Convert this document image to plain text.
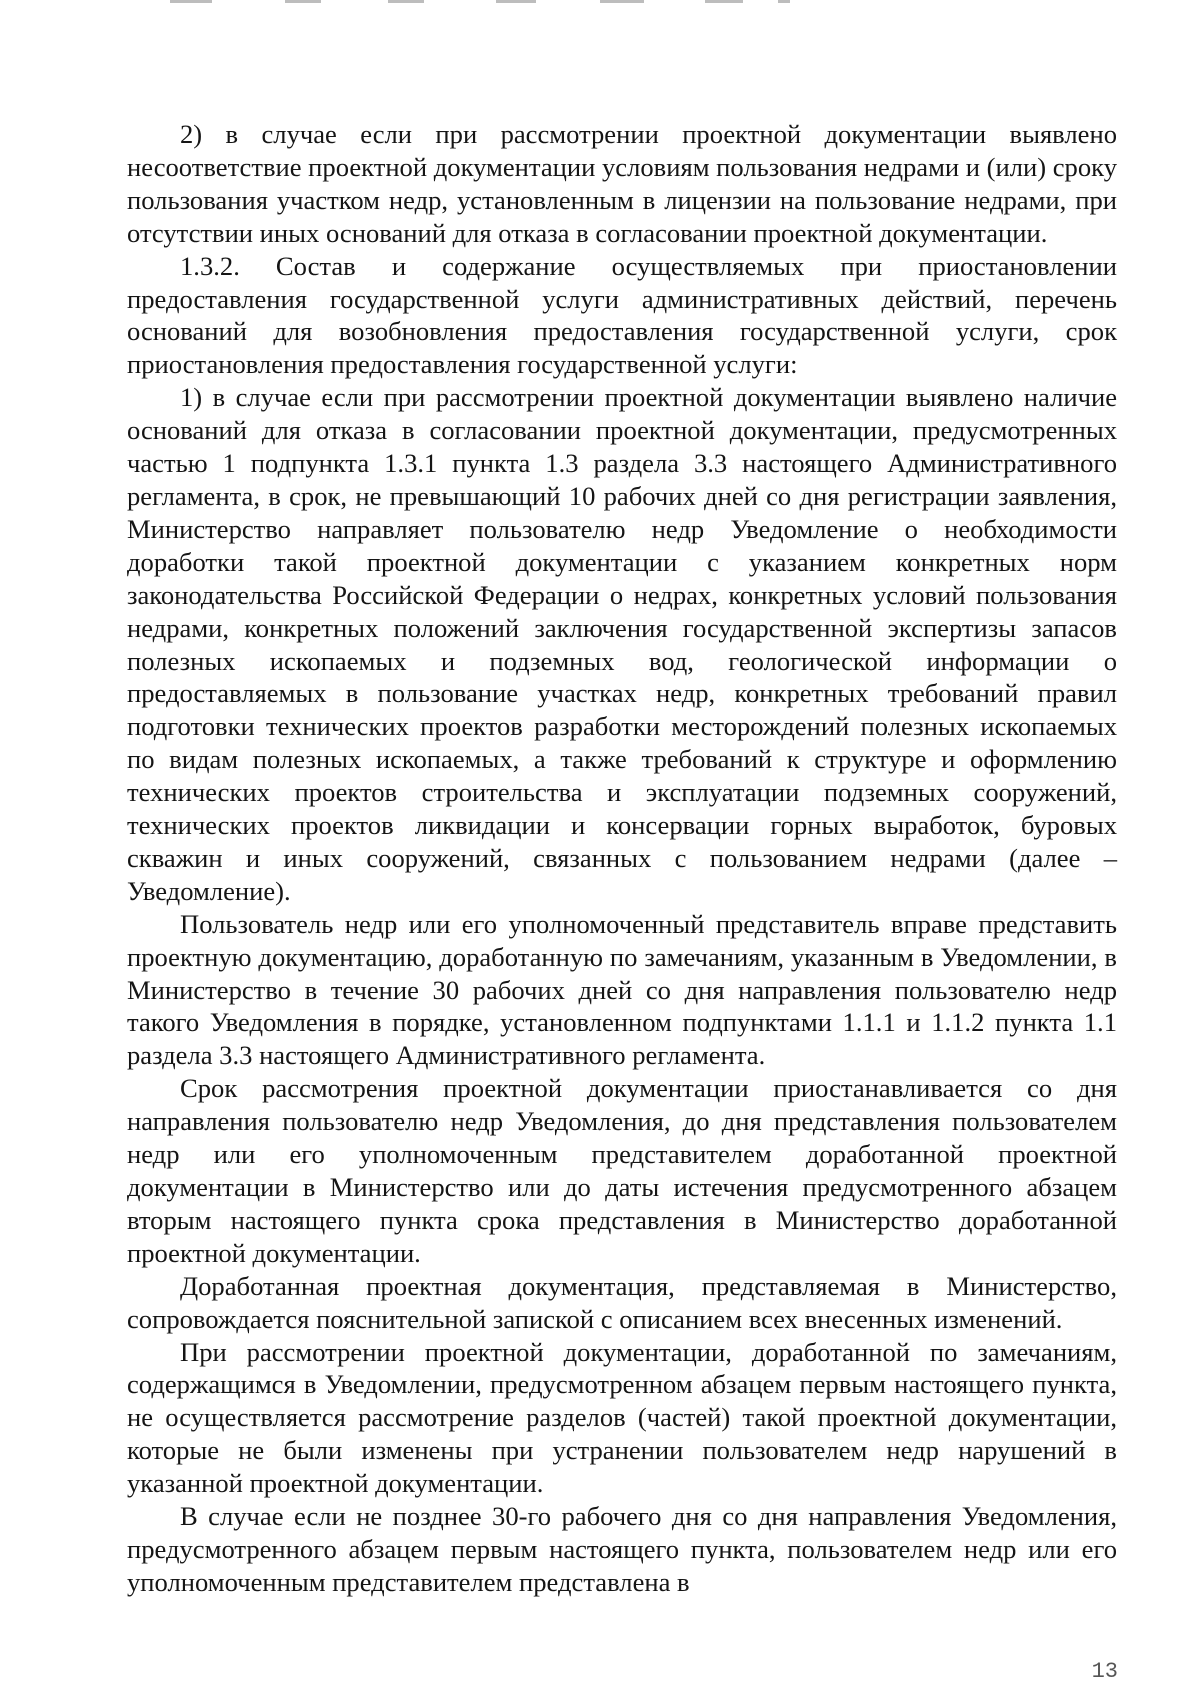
2) в случае если при рассмотрении проектной документации выявлено несоответствие проектной документации условиям пользования недрами и (или) сроку пользования участком недр, установленным в лицензии на пользование недрами, при отсутствии иных оснований для отказа в согласовании проектной документации.

1.3.2. Состав и содержание осуществляемых при приостановлении предоставления государственной услуги административных действий, перечень оснований для возобновления предоставления государственной услуги, срок приостановления предоставления государственной услуги:

1) в случае если при рассмотрении проектной документации выявлено наличие оснований для отказа в согласовании проектной документации, предусмотренных частью 1 подпункта 1.3.1 пункта 1.3 раздела 3.3 настоящего Административного регламента, в срок, не превышающий 10 рабочих дней со дня регистрации заявления, Министерство направляет пользователю недр Уведомление о необходимости доработки такой проектной документации с указанием конкретных норм законодательства Российской Федерации о недрах, конкретных условий пользования недрами, конкретных положений заключения государственной экспертизы запасов полезных ископаемых и подземных вод, геологической информации о предоставляемых в пользование участках недр, конкретных требований правил подготовки технических проектов разработки месторождений полезных ископаемых по видам полезных ископаемых, а также требований к структуре и оформлению технических проектов строительства и эксплуатации подземных сооружений, технических проектов ликвидации и консервации горных выработок, буровых скважин и иных сооружений, связанных с пользованием недрами (далее – Уведомление).

Пользователь недр или его уполномоченный представитель вправе представить проектную документацию, доработанную по замечаниям, указанным в Уведомлении, в Министерство в течение 30 рабочих дней со дня направления пользователю недр такого Уведомления в порядке, установленном подпунктами 1.1.1 и 1.1.2 пункта 1.1 раздела 3.3 настоящего Административного регламента.

Срок рассмотрения проектной документации приостанавливается со дня направления пользователю недр Уведомления, до дня представления пользователем недр или его уполномоченным представителем доработанной проектной документации в Министерство или до даты истечения предусмотренного абзацем вторым настоящего пункта срока представления в Министерство доработанной проектной документации.

Доработанная проектная документация, представляемая в Министерство, сопровождается пояснительной запиской с описанием всех внесенных изменений.

При рассмотрении проектной документации, доработанной по замечаниям, содержащимся в Уведомлении, предусмотренном абзацем первым настоящего пункта, не осуществляется рассмотрение разделов (частей) такой проектной документации, которые не были изменены при устранении пользователем недр нарушений в указанной проектной документации.

В случае если не позднее 30-го рабочего дня со дня направления Уведомления, предусмотренного абзацем первым настоящего пункта, пользователем недр или его уполномоченным представителем представлена в

13
